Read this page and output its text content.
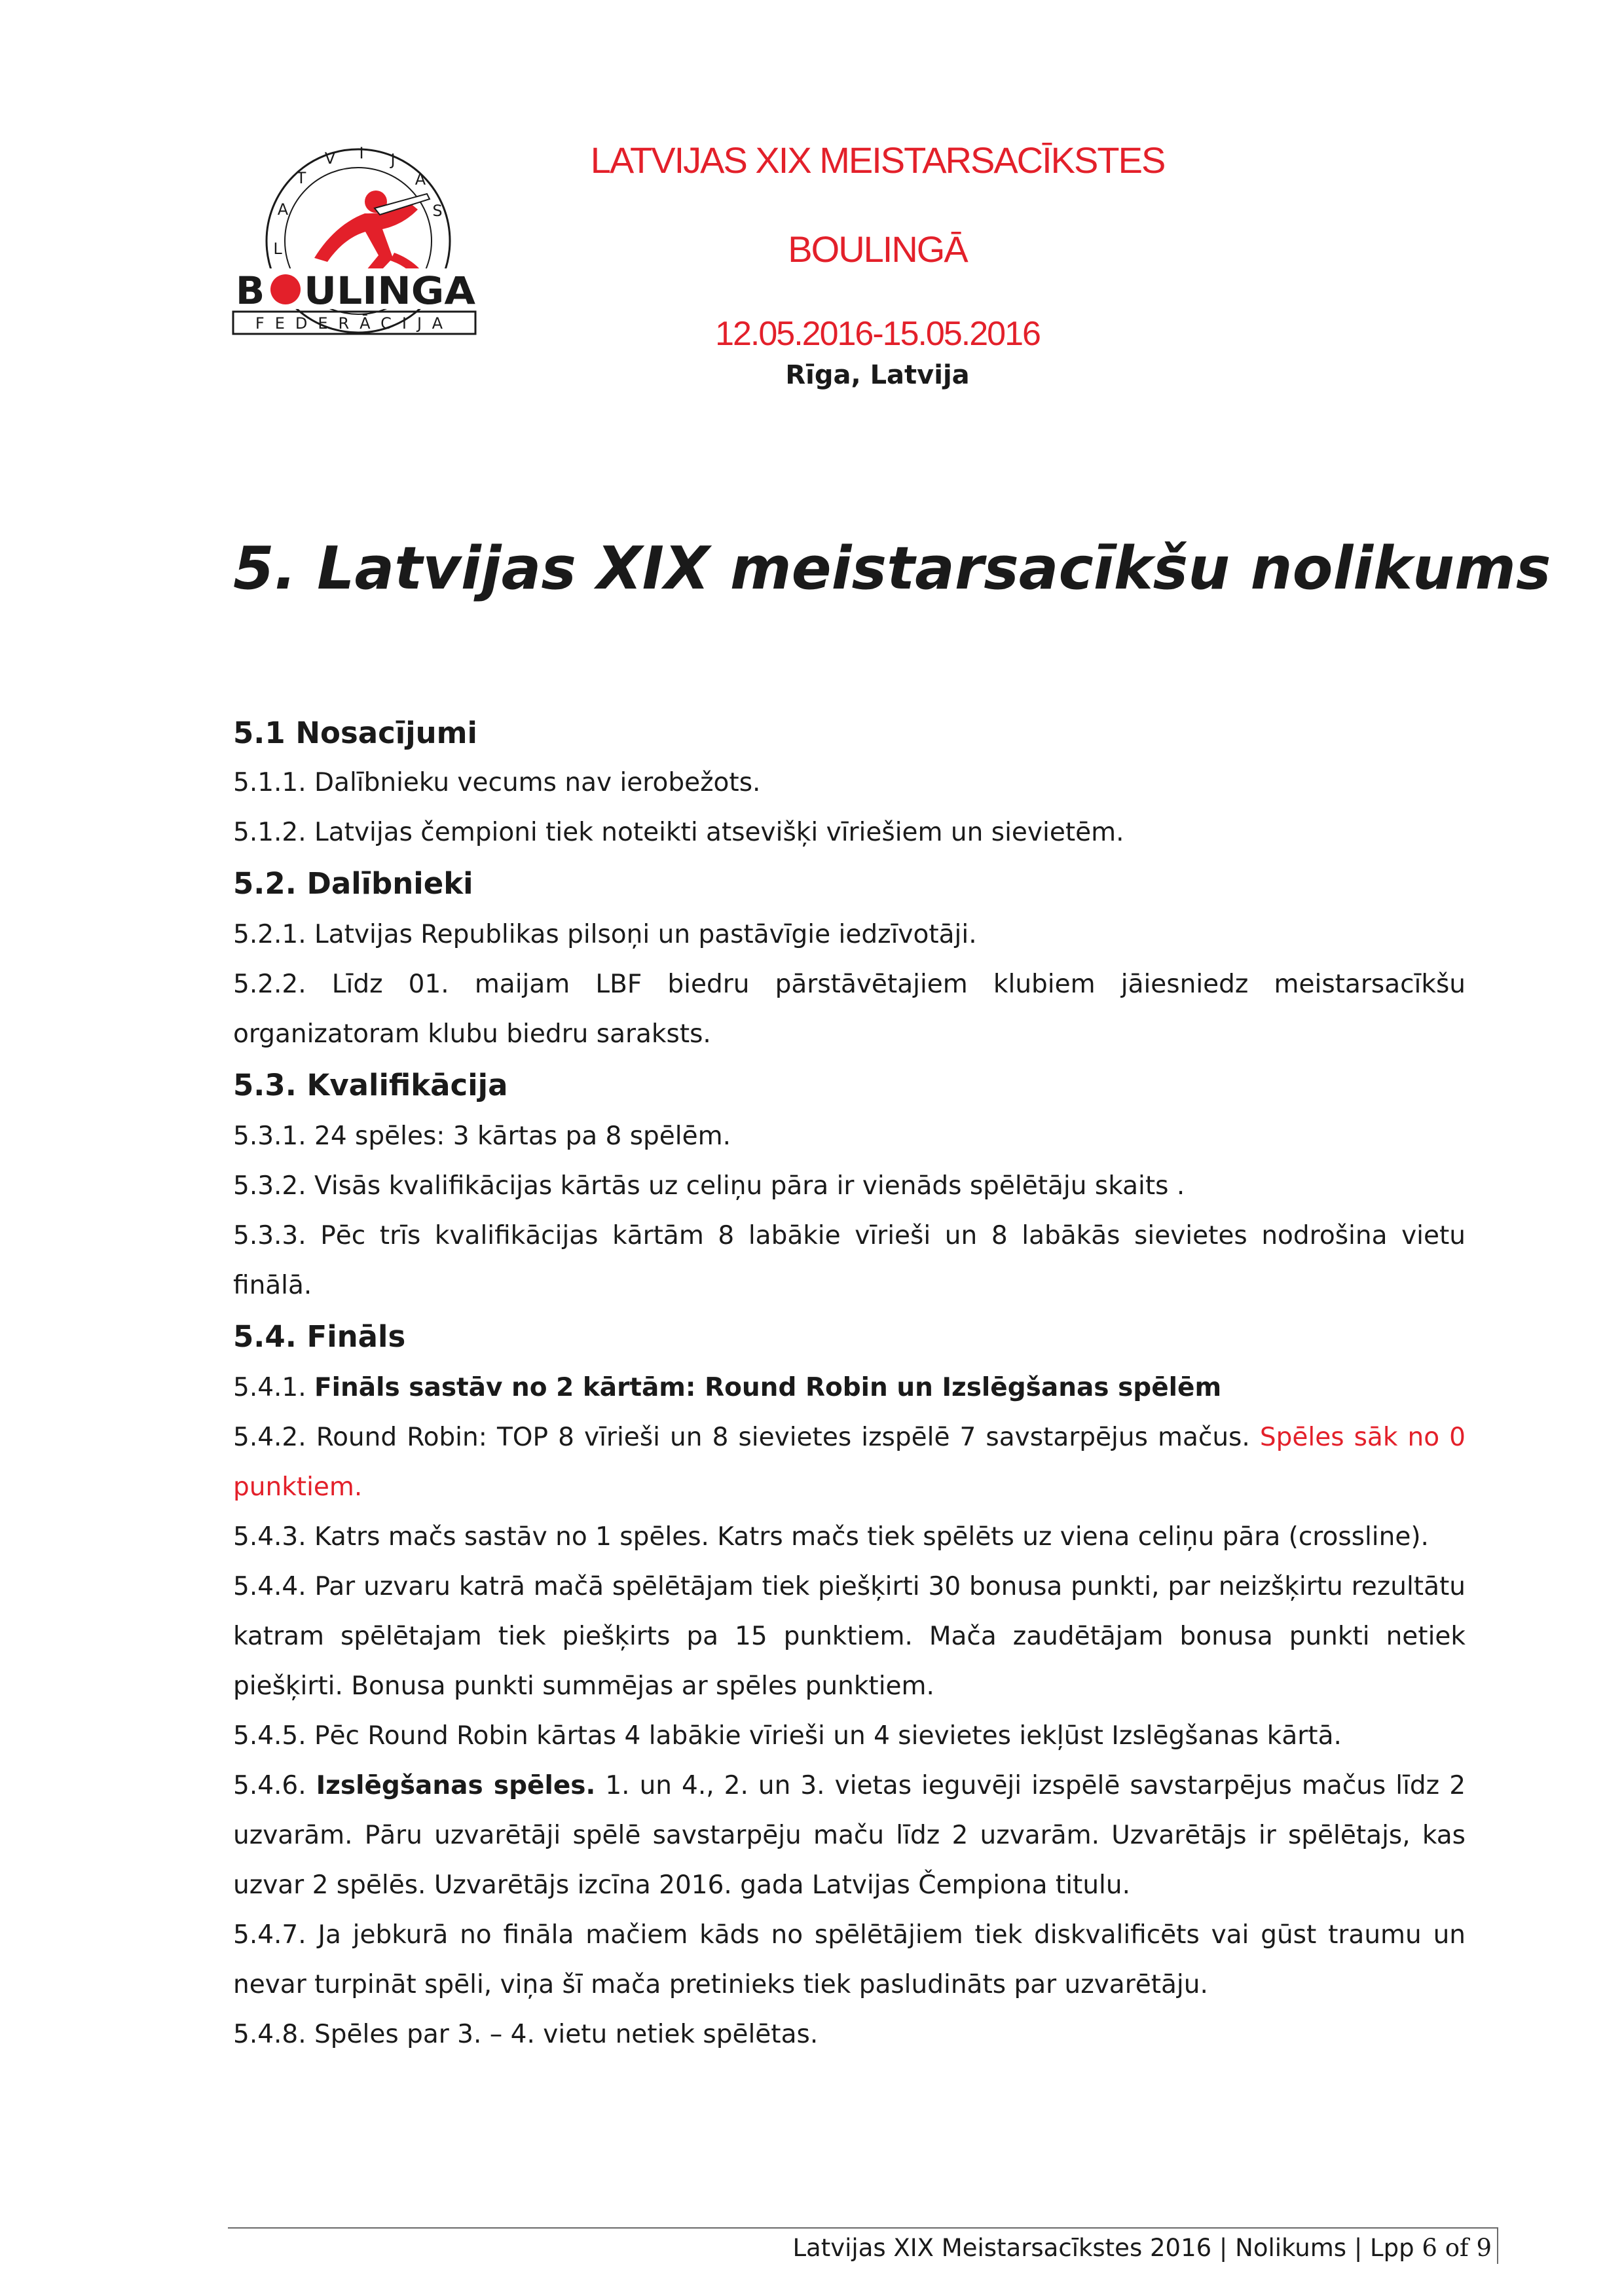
L
A
T
V I J
A
S
B ULINGA
FEDERĀCIJA
LATVIJAS XIX MEISTARSACĪKSTES
BOULINGĀ
12.05.2016-15.05.2016
Rīga, Latvija
5. Latvijas XIX meistarsacīkšu nolikums
5.1 Nosacījumi

5.1.1. Dalībnieku vecums nav ierobežots.

5.1.2. Latvijas čempioni tiek noteikti atsevišķi vīriešiem un sievietēm.

5.2. Dalībnieki

5.2.1. Latvijas Republikas pilsoņi un pastāvīgie iedzīvotāji.

5.2.2. Līdz 01. maijam LBF biedru pārstāvētajiem klubiem jāiesniedz meistarsacīkšu organizatoram klubu biedru saraksts.

5.3. Kvalifikācija

5.3.1. 24 spēles: 3 kārtas pa 8 spēlēm.

5.3.2. Visās kvalifikācijas kārtās uz celiņu pāra ir vienāds spēlētāju skaits .

5.3.3. Pēc trīs kvalifikācijas kārtām 8 labākie vīrieši un 8 labākās sievietes nodrošina vietu finālā.

5.4. Fināls

5.4.1. Fināls sastāv no 2 kārtām: Round Robin un Izslēgšanas spēlēm

5.4.2. Round Robin: TOP 8 vīrieši un 8 sievietes izspēlē 7 savstarpējus mačus. Spēles sāk no 0 punktiem.

5.4.3. Katrs mačs sastāv no 1 spēles. Katrs mačs tiek spēlēts uz viena celiņu pāra (crossline).

5.4.4. Par uzvaru katrā mačā spēlētājam tiek piešķirti 30 bonusa punkti, par neizšķirtu rezultātu katram spēlētajam tiek piešķirts pa 15 punktiem. Mača zaudētājam bonusa punkti netiek piešķirti. Bonusa punkti summējas ar spēles punktiem.

5.4.5. Pēc Round Robin kārtas 4 labākie vīrieši un 4 sievietes iekļūst Izslēgšanas kārtā.

5.4.6. Izslēgšanas spēles. 1. un 4., 2. un 3. vietas ieguvēji izspēlē savstarpējus mačus līdz 2 uzvarām. Pāru uzvarētāji spēlē savstarpēju maču līdz 2 uzvarām. Uzvarētājs ir spēlētajs, kas uzvar 2 spēlēs. Uzvarētājs izcīna 2016. gada Latvijas Čempiona titulu.

5.4.7. Ja jebkurā no fināla mačiem kāds no spēlētājiem tiek diskvalificēts vai gūst traumu un nevar turpināt spēli, viņa šī mača pretinieks tiek pasludināts par uzvarētāju.

5.4.8. Spēles par 3. – 4. vietu netiek spēlētas.

Latvijas XIX Meistarsacīkstes 2016 | Nolikums | Lpp 6 of 9
